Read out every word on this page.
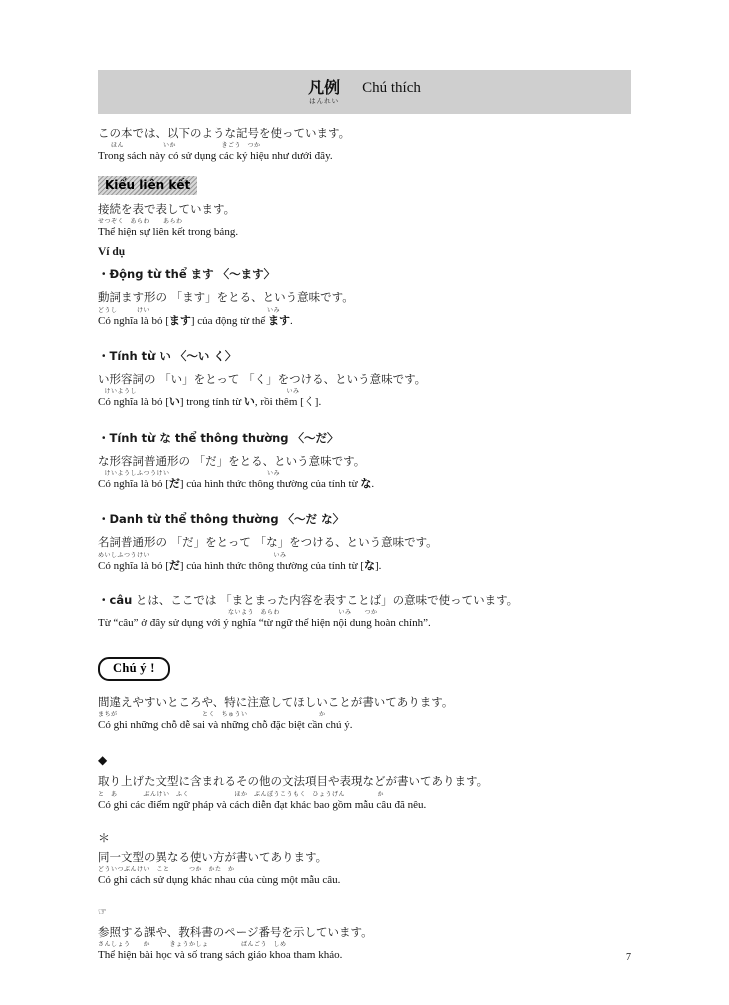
凡例
はんれい
Chú thích
この本では、以下のような記号を使っています。
　　ほん　　　　　　いか　　　　　　　きごう　つか
Trong sách này có sử dụng các ký hiệu như dưới đây.
Kiểu liên kết
接続を表で表しています。
せつぞく　あらわ　　あらわ
Thể hiện sự liên kết trong bảng.
Ví dụ
・Động từ thể ます 〈〜ます〉
動詞ます形の 「ます」をとる、という意味です。
どうし　　　けい　　　　　　　　　　　　　　　　　　いみ
Có nghĩa là bỏ [ます] của động từ thể ます.
・Tính từ い 〈〜い く〉
い形容詞の 「い」をとって 「く」をつける、という意味です。
　けいようし　　　　　　　　　　　　　　　　　　　　　　　いみ
Có nghĩa là bỏ [い] trong tính từ い, rồi thêm [く].
・Tính từ な thể thông thường 〈〜だ〉
な形容詞普通形の 「だ」をとる、という意味です。
　けいようしふつうけい　　　　　　　　　　　　　　　いみ
Có nghĩa là bỏ [だ] của hình thức thông thường của tính từ な.
・Danh từ thể thông thường 〈〜だ な〉
名詞普通形の 「だ」をとって 「な」をつける、という意味です。
めいしふつうけい　　　　　　　　　　　　　　　　　　　いみ
Có nghĩa là bỏ [だ] của hình thức thông thường của tính từ [な].
・câu とは、ここでは 「まとまった内容を表すことば」の意味で使っています。
　　　　　　　　　　　　　　　　　　　　ないよう　あらわ　　　　　　　　　いみ　　つか
Từ “câu” ở đây sử dụng với ý nghĩa “từ ngữ thể hiện nội dung hoàn chỉnh”.
Chú ý !
間違えやすいところや、特に注意してほしいことが書いてあります。
まちが　　　　　　　　　　　　　とく　ちゅうい　　　　　　　　　　　か
Có ghi những chỗ dễ sai và những chỗ đặc biệt cần chú ý.
◆
取り上げた文型に含まれるその他の文法項目や表現などが書いてあります。
と　あ　　　　ぶんけい　ふく　　　　　　　ほか　ぶんぽうこうもく　ひょうげん　　　　　か
Có ghi các điểm ngữ pháp và cách diễn đạt khác bao gồm mẫu câu đã nêu.
＊
同一文型の異なる使い方が書いてあります。
どういつぶんけい　こと　　　つか　かた　か
Có ghi cách sử dụng khác nhau của cùng một mẫu câu.
☞
参照する課や、教科書のページ番号を示しています。
さんしょう　　か　　　きょうかしょ　　　　　ばんごう　しめ
Thể hiện bài học và số trang sách giáo khoa tham khảo.	7
